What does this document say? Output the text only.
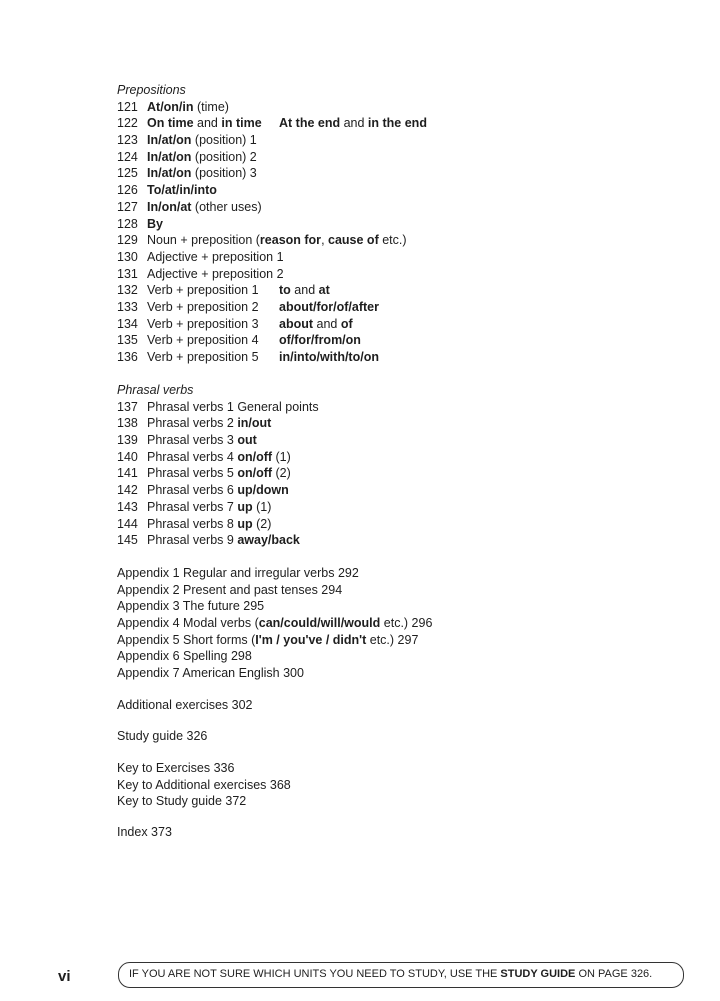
Prepositions
121 At/on/in (time)
122 On time and in time At the end and in the end
123 In/at/on (position) 1
124 In/at/on (position) 2
125 In/at/on (position) 3
126 To/at/in/into
127 In/on/at (other uses)
128 By
129 Noun + preposition (reason for, cause of etc.)
130 Adjective + preposition 1
131 Adjective + preposition 2
132 Verb + preposition 1 to and at
133 Verb + preposition 2 about/for/of/after
134 Verb + preposition 3 about and of
135 Verb + preposition 4 of/for/from/on
136 Verb + preposition 5 in/into/with/to/on
Phrasal verbs
137 Phrasal verbs 1 General points
138 Phrasal verbs 2 in/out
139 Phrasal verbs 3 out
140 Phrasal verbs 4 on/off (1)
141 Phrasal verbs 5 on/off (2)
142 Phrasal verbs 6 up/down
143 Phrasal verbs 7 up (1)
144 Phrasal verbs 8 up (2)
145 Phrasal verbs 9 away/back
Appendix 1 Regular and irregular verbs 292
Appendix 2 Present and past tenses 294
Appendix 3 The future 295
Appendix 4 Modal verbs (can/could/will/would etc.) 296
Appendix 5 Short forms (I'm / you've / didn't etc.) 297
Appendix 6 Spelling 298
Appendix 7 American English 300
Additional exercises 302
Study guide 326
Key to Exercises 336
Key to Additional exercises 368
Key to Study guide 372
Index 373
vi	IF YOU ARE NOT SURE WHICH UNITS YOU NEED TO STUDY, USE THE STUDY GUIDE ON PAGE 326.
